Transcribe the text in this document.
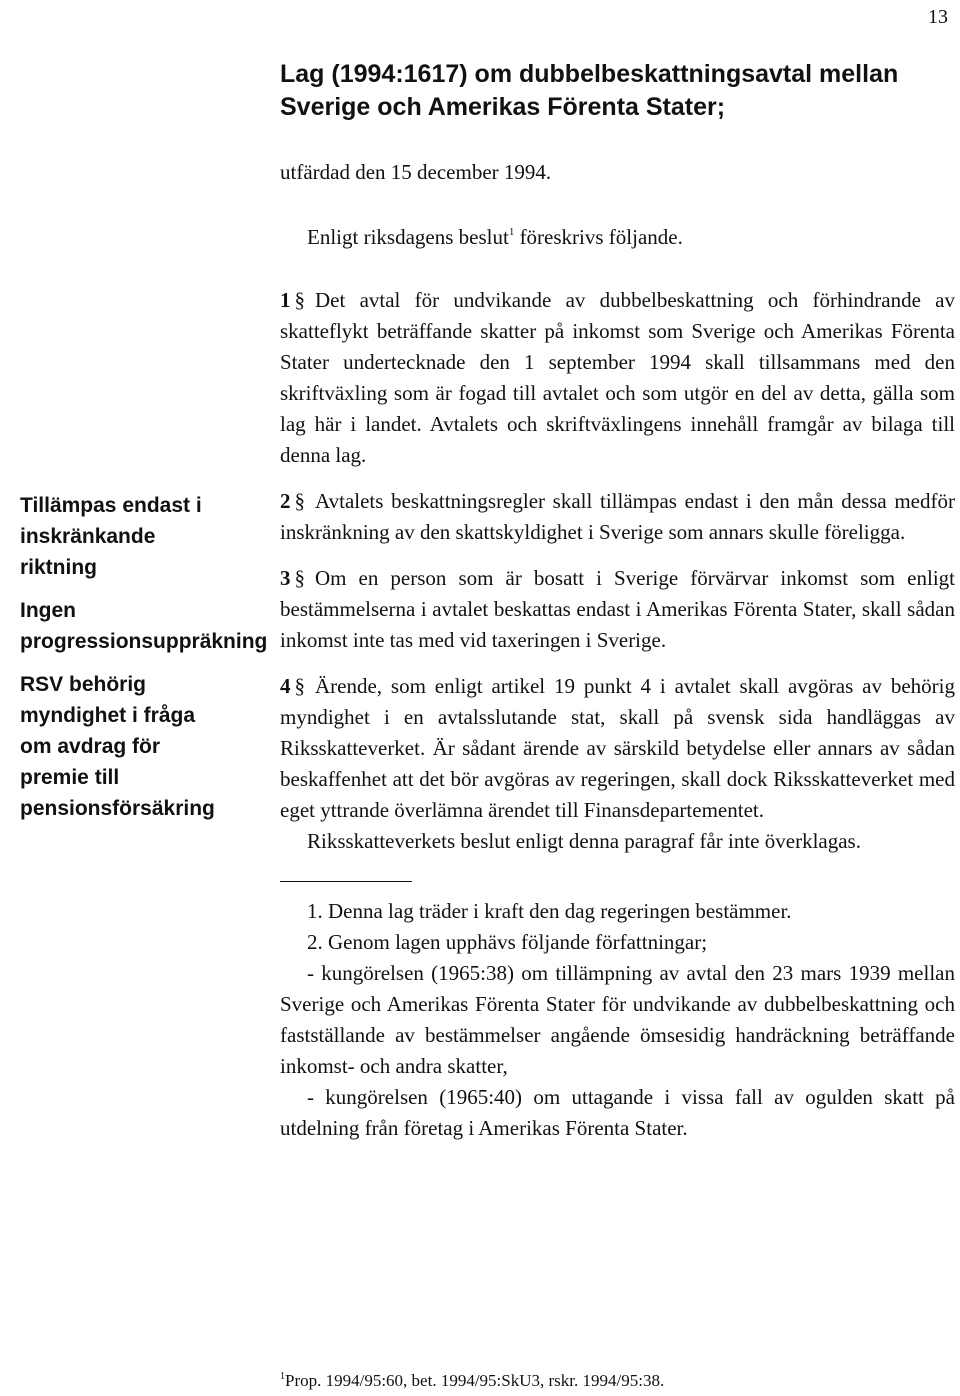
13
Lag (1994:1617) om dubbelbeskattningsavtal mellan Sverige och Amerikas Förenta Stater;
utfärdad den 15 december 1994.
Enligt riksdagens beslut$^1$ föreskrivs följande.

Tillämpas endast i inskränkande riktning

Ingen progressionsuppräkning

RSV behörig myndighet i fråga om avdrag för premie till pensionsförsäkring

1 § Det avtal för undvikande av dubbelbeskattning och förhindrande av skatteflykt beträffande skatter på inkomst som Sverige och Amerikas Förenta Stater undertecknade den 1 september 1994 skall tillsammans med den skriftväxling som är fogad till avtalet och som utgör en del av detta, gälla som lag här i landet. Avtalets och skriftväxlingens innehåll framgår av bilaga till denna lag.

2 § Avtalets beskattningsregler skall tillämpas endast i den mån dessa medför inskränkning av den skattskyldighet i Sverige som annars skulle föreligga.

3 § Om en person som är bosatt i Sverige förvärvar inkomst som enligt bestämmelserna i avtalet beskattas endast i Amerikas Förenta Stater, skall sådan inkomst inte tas med vid taxeringen i Sverige.

4 § Ärende, som enligt artikel 19 punkt 4 i avtalet skall avgöras av behörig myndighet i en avtalsslutande stat, skall på svensk sida handläggas av Riksskatteverket. Är sådant ärende av särskild betydelse eller annars av sådan beskaffenhet att det bör avgöras av regeringen, skall dock Riksskatteverket med eget yttrande överlämna ärendet till Finansdepartementet.

Riksskatteverkets beslut enligt denna paragraf får inte överklagas.

1. Denna lag träder i kraft den dag regeringen bestämmer.

2. Genom lagen upphävs följande författningar;

- kungörelsen (1965:38) om tillämpning av avtal den 23 mars 1939 mellan Sverige och Amerikas Förenta Stater för undvikande av dubbelbeskattning och fastställande av bestämmelser angående ömsesidig handräckning beträffande inkomst- och andra skatter,

- kungörelsen (1965:40) om uttagande i vissa fall av ogulden skatt på utdelning från företag i Amerikas Förenta Stater.

$^1$Prop. 1994/95:60, bet. 1994/95:SkU3, rskr. 1994/95:38.
